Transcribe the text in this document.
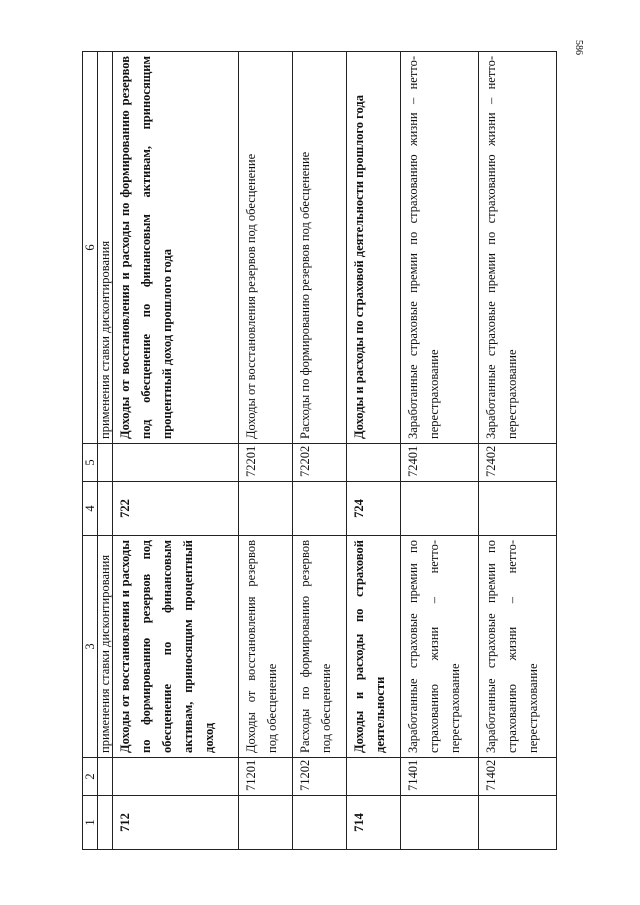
586
1	2	3	4	5	6
		применения ставки дисконтирования			применения ставки дисконтирования
712		Доходы от восстановления и расходы по формированию резервов под обесценение по финансовым активам, приносящим процентный доход	722		Доходы от восстановления и расходы по формированию резервов под обесценение по финансовым активам, приносящим процентный доход прошлого года
	71201	Доходы от восстановления резервов под обесценение		72201	Доходы от восстановления резервов под обесценение
	71202	Расходы по формированию резервов под обесценение		72202	Расходы по формированию резервов под обесценение
714		Доходы и расходы по страховой деятельности	724		Доходы и расходы по страховой деятельности прошлого года
	71401	Заработанные страховые премии по страхованию жизни – нетто-перестрахование		72401	Заработанные страховые премии по страхованию жизни – нетто-перестрахование
	71402	Заработанные страховые премии по страхованию жизни – нетто-перестрахование		72402	Заработанные страховые премии по страхованию жизни – нетто-перестрахование
